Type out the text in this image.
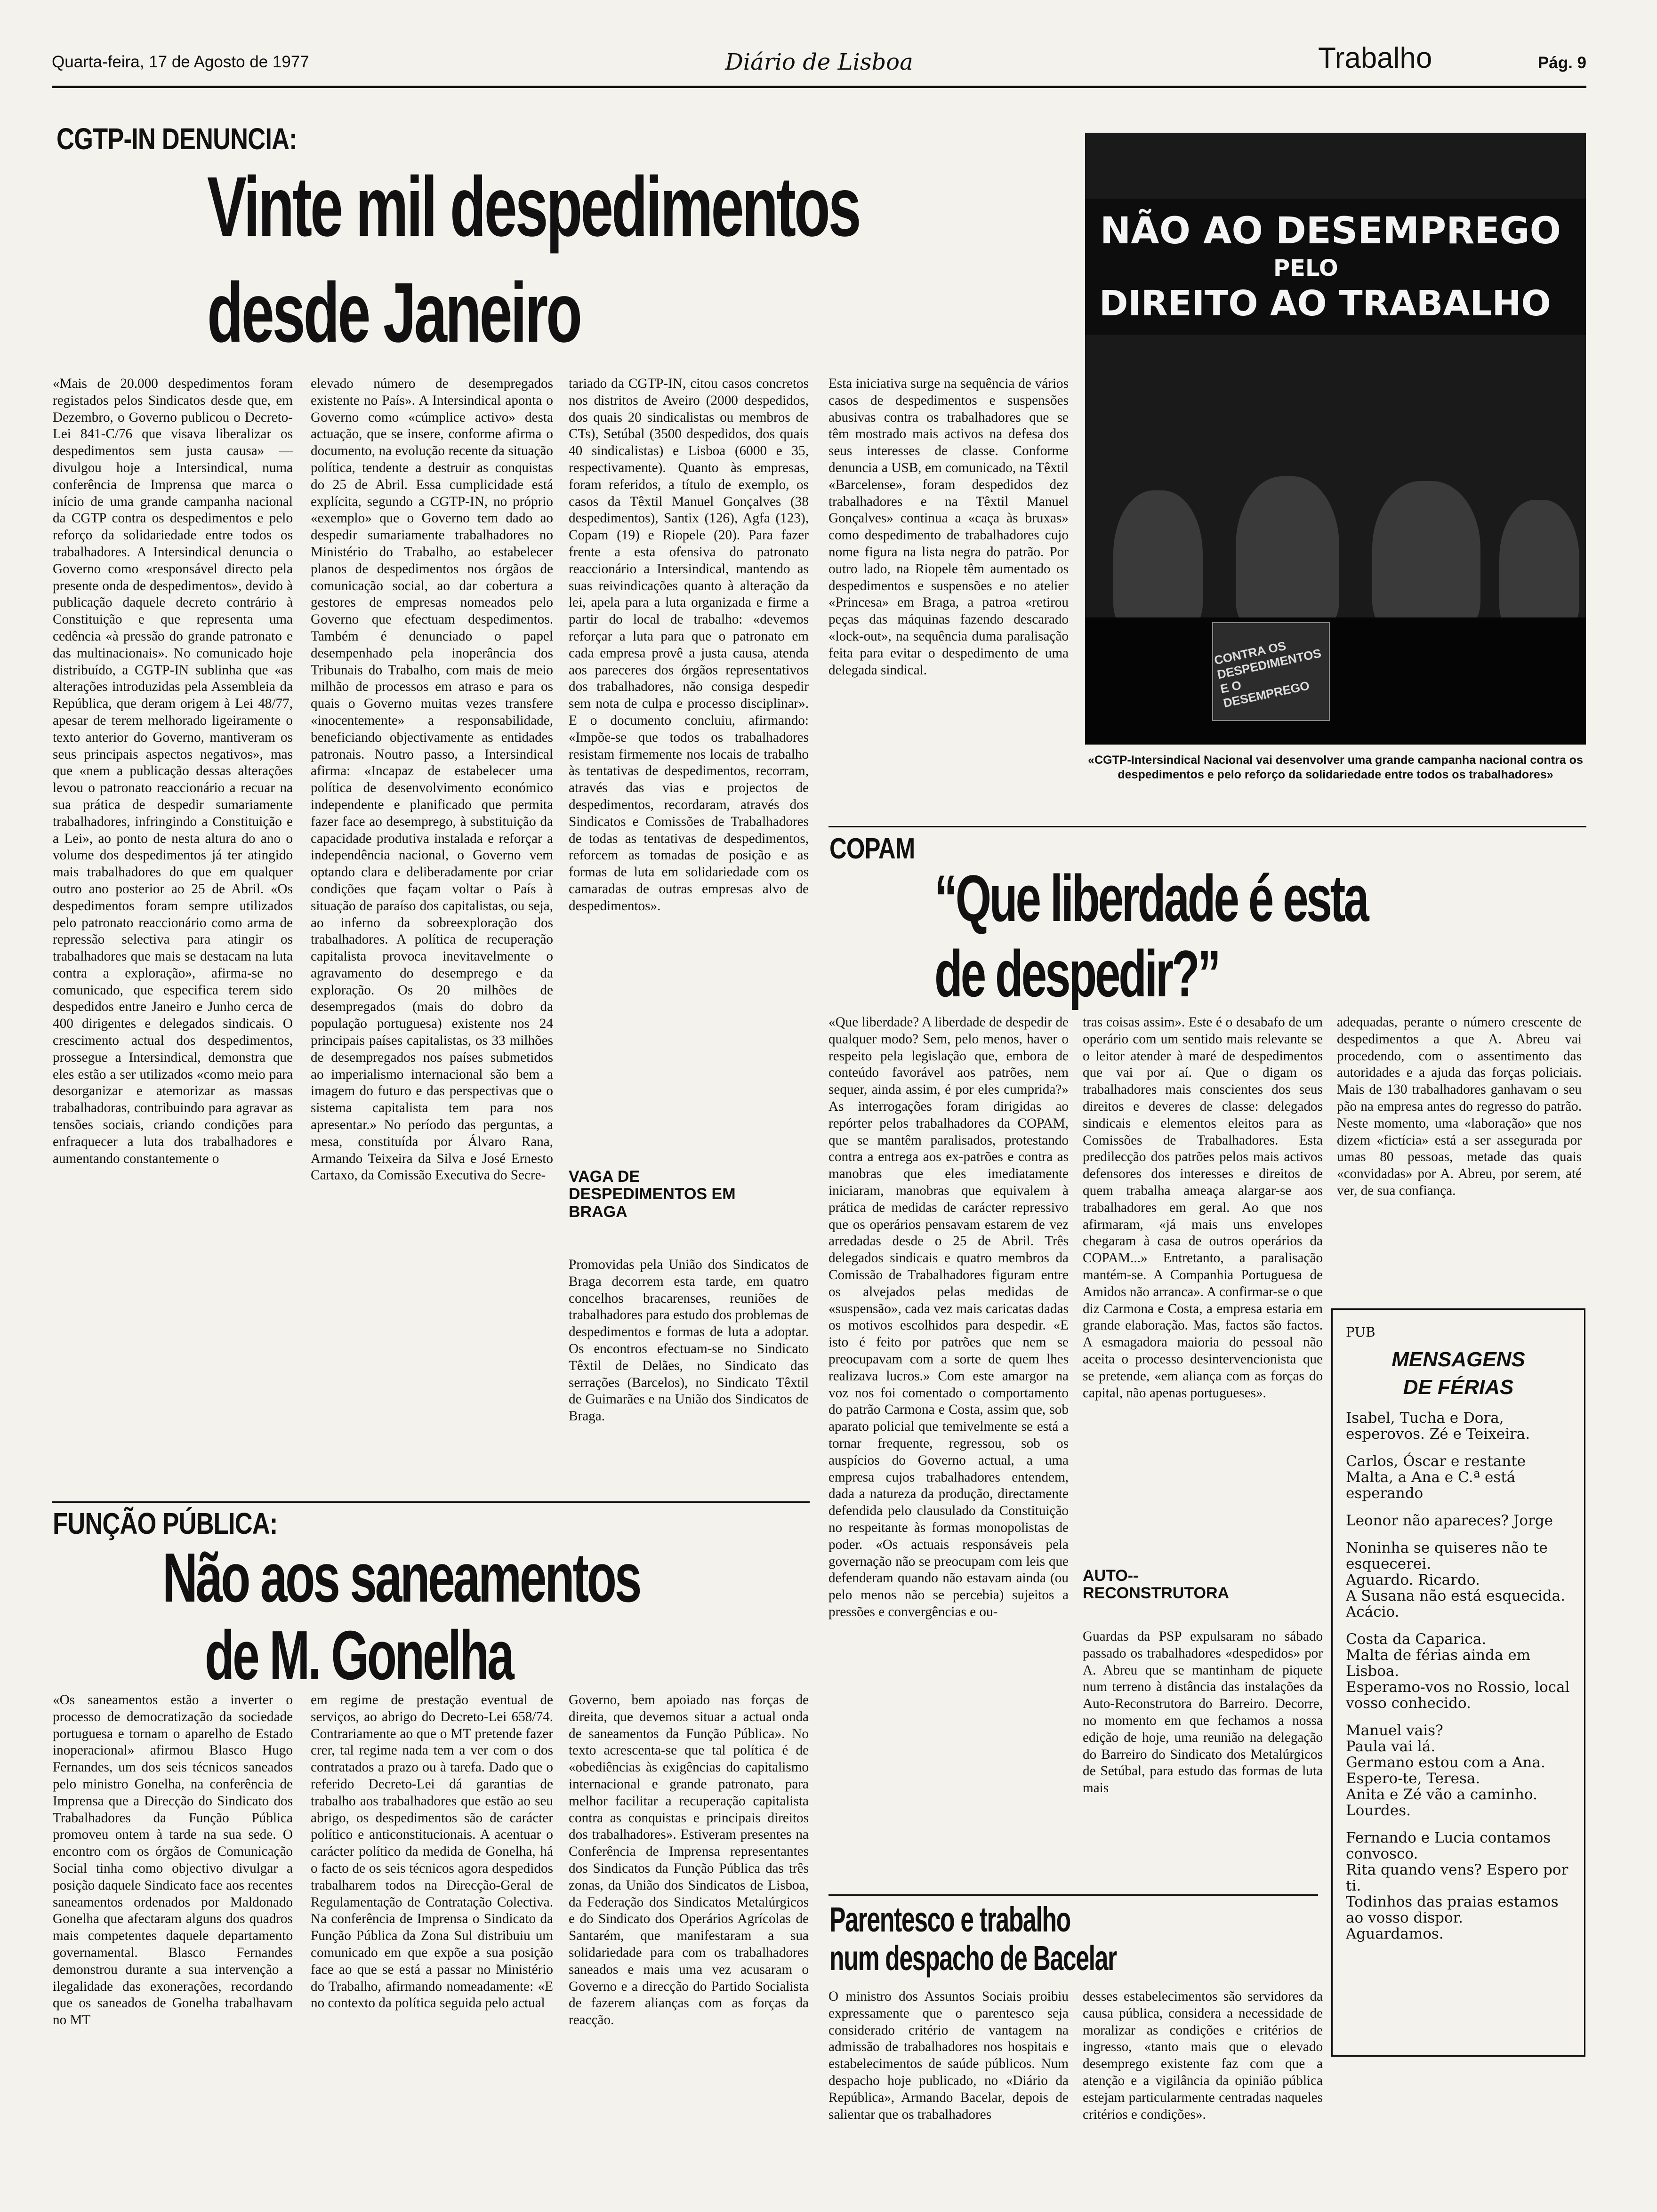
Quarta-feira, 17 de Agosto de 1977	Diário de Lisboa	Trabalho	Pág. 9
CGTP-IN DENUNCIA:
Vinte mil despedimentos
desde Janeiro
«Mais de 20.000 despedimentos foram registados pelos Sindicatos desde que, em Dezembro, o Governo publicou o Decreto-Lei 841-C/76 que visava liberalizar os despedimentos sem justa causa» — divulgou hoje a Intersindical, numa conferência de Imprensa que marca o início de uma grande campanha nacional da CGTP contra os despedimentos e pelo reforço da solidariedade entre todos os trabalhadores. A Intersindical denuncia o Governo como «responsável directo pela presente onda de despedimentos», devido à publicação daquele decreto contrário à Constituição e que representa uma cedência «à pressão do grande patronato e das multinacionais». No comunicado hoje distribuído, a CGTP-IN sublinha que «as alterações introduzidas pela Assembleia da República, que deram origem à Lei 48/77, apesar de terem melhorado ligeiramente o texto anterior do Governo, mantiveram os seus principais aspectos negativos», mas que «nem a publicação dessas alterações levou o patronato reaccionário a recuar na sua prática de despedir sumariamente trabalhadores, infringindo a Constituição e a Lei», ao ponto de nesta altura do ano o volume dos despedimentos já ter atingido mais trabalhadores do que em qualquer outro ano posterior ao 25 de Abril. «Os despedimentos foram sempre utilizados pelo patronato reaccionário como arma de repressão selectiva para atingir os trabalhadores que mais se destacam na luta contra a exploração», afirma-se no comunicado, que especifica terem sido despedidos entre Janeiro e Junho cerca de 400 dirigentes e delegados sindicais. O crescimento actual dos despedimentos, prossegue a Intersindical, demonstra que eles estão a ser utilizados «como meio para desorganizar e atemorizar as massas trabalhadoras, contribuindo para agravar as tensões sociais, criando condições para enfraquecer a luta dos trabalhadores e aumentando constantemente o
elevado número de desempregados existente no País». A Intersindical aponta o Governo como «cúmplice activo» desta actuação, que se insere, conforme afirma o documento, na evolução recente da situação política, tendente a destruir as conquistas do 25 de Abril. Essa cumplicidade está explícita, segundo a CGTP-IN, no próprio «exemplo» que o Governo tem dado ao despedir sumariamente trabalhadores no Ministério do Trabalho, ao estabelecer planos de despedimentos nos órgãos de comunicação social, ao dar cobertura a gestores de empresas nomeados pelo Governo que efectuam despedimentos. Também é denunciado o papel desempenhado pela inoperância dos Tribunais do Trabalho, com mais de meio milhão de processos em atraso e para os quais o Governo muitas vezes transfere «inocentemente» a responsabilidade, beneficiando objectivamente as entidades patronais. Noutro passo, a Intersindical afirma: «Incapaz de estabelecer uma política de desenvolvimento económico independente e planificado que permita fazer face ao desemprego, à substituição da capacidade produtiva instalada e reforçar a independência nacional, o Governo vem optando clara e deliberadamente por criar condições que façam voltar o País à situação de paraíso dos capitalistas, ou seja, ao inferno da sobreexploração dos trabalhadores. A política de recuperação capitalista provoca inevitavelmente o agravamento do desemprego e da exploração. Os 20 milhões de desempregados (mais do dobro da população portuguesa) existente nos 24 principais países capitalistas, os 33 milhões de desempregados nos países submetidos ao imperialismo internacional são bem a imagem do futuro e das perspectivas que o sistema capitalista tem para nos apresentar.» No período das perguntas, a mesa, constituída por Álvaro Rana, Armando Teixeira da Silva e José Ernesto Cartaxo, da Comissão Executiva do Secre-
tariado da CGTP-IN, citou casos concretos nos distritos de Aveiro (2000 despedidos, dos quais 20 sindicalistas ou membros de CTs), Setúbal (3500 despedidos, dos quais 40 sindicalistas) e Lisboa (6000 e 35, respectivamente). Quanto às empresas, foram referidos, a título de exemplo, os casos da Têxtil Manuel Gonçalves (38 despedimentos), Santix (126), Agfa (123), Copam (19) e Riopele (20). Para fazer frente a esta ofensiva do patronato reaccionário a Intersindical, mantendo as suas reivindicações quanto à alteração da lei, apela para a luta organizada e firme a partir do local de trabalho: «devemos reforçar a luta para que o patronato em cada empresa provê a justa causa, atenda aos pareceres dos órgãos representativos dos trabalhadores, não consiga despedir sem nota de culpa e processo disciplinar». E o documento concluiu, afirmando: «Impõe-se que todos os trabalhadores resistam firmemente nos locais de trabalho às tentativas de despedimentos, recorram, através das vias e projectos de despedimentos, recordaram, através dos Sindicatos e Comissões de Trabalhadores de todas as tentativas de despedimentos, reforcem as tomadas de posição e as formas de luta em solidariedade com os camaradas de outras empresas alvo de despedimentos».
VAGA DE DESPEDIMENTOS EM BRAGA
Promovidas pela União dos Sindicatos de Braga decorrem esta tarde, em quatro concelhos bracarenses, reuniões de trabalhadores para estudo dos problemas de despedimentos e formas de luta a adoptar. Os encontros efectuam-se no Sindicato Têxtil de Delães, no Sindicato das serrações (Barcelos), no Sindicato Têxtil de Guimarães e na União dos Sindicatos de Braga.
Esta iniciativa surge na sequência de vários casos de despedimentos e suspensões abusivas contra os trabalhadores que se têm mostrado mais activos na defesa dos seus interesses de classe. Conforme denuncia a USB, em comunicado, na Têxtil «Barcelense», foram despedidos dez trabalhadores e na Têxtil Manuel Gonçalves» continua a «caça às bruxas» como despedimento de trabalhadores cujo nome figura na lista negra do patrão. Por outro lado, na Riopele têm aumentado os despedimentos e suspensões e no atelier «Princesa» em Braga, a patroa «retirou peças das máquinas fazendo descarado «lock-out», na sequência duma paralisação feita para evitar o despedimento de uma delegada sindical.
NÃO AO DESEMPREGO
PELO
DIREITO AO TRABALHO
CONTRA OS DESPEDIMENTOS E O DESEMPREGO
«CGTP-Intersindical Nacional vai desenvolver uma grande campanha nacional contra os despedimentos e pelo reforço da solidariedade entre todos os trabalhadores»
COPAM
“Que liberdade é esta
de despedir?”
«Que liberdade? A liberdade de despedir de qualquer modo? Sem, pelo menos, haver o respeito pela legislação que, embora de conteúdo favorável aos patrões, nem sequer, ainda assim, é por eles cumprida?» As interrogações foram dirigidas ao repórter pelos trabalhadores da COPAM, que se mantêm paralisados, protestando contra a entrega aos ex-patrões e contra as manobras que eles imediatamente iniciaram, manobras que equivalem à prática de medidas de carácter repressivo que os operários pensavam estarem de vez arredadas desde o 25 de Abril. Três delegados sindicais e quatro membros da Comissão de Trabalhadores figuram entre os alvejados pelas medidas de «suspensão», cada vez mais caricatas dadas os motivos escolhidos para despedir. «E isto é feito por patrões que nem se preocupavam com a sorte de quem lhes realizava lucros.» Com este amargor na voz nos foi comentado o comportamento do patrão Carmona e Costa, assim que, sob aparato policial que temivelmente se está a tornar frequente, regressou, sob os auspícios do Governo actual, a uma empresa cujos trabalhadores entendem, dada a natureza da produção, directamente defendida pelo clausulado da Constituição no respeitante às formas monopolistas de poder. «Os actuais responsáveis pela governação não se preocupam com leis que defenderam quando não estavam ainda (ou pelo menos não se percebia) sujeitos a pressões e convergências e ou-
tras coisas assim». Este é o desabafo de um operário com um sentido mais relevante se o leitor atender à maré de despedimentos que vai por aí. Que o digam os trabalhadores mais conscientes dos seus direitos e deveres de classe: delegados sindicais e elementos eleitos para as Comissões de Trabalhadores. Esta predilecção dos patrões pelos mais activos defensores dos interesses e direitos de quem trabalha ameaça alargar-se aos trabalhadores em geral. Ao que nos afirmaram, «já mais uns envelopes chegaram à casa de outros operários da COPAM...» Entretanto, a paralisação mantém-se. A Companhia Portuguesa de Amidos não arranca». A confirmar-se o que diz Carmona e Costa, a empresa estaria em grande elaboração. Mas, factos são factos. A esmagadora maioria do pessoal não aceita o processo desintervencionista que se pretende, «em aliança com as forças do capital, não apenas portugueses».
AUTO--RECONSTRUTORA
Guardas da PSP expulsaram no sábado passado os trabalhadores «despedidos» por A. Abreu que se mantinham de piquete num terreno à distância das instalações da Auto-Reconstrutora do Barreiro. Decorre, no momento em que fechamos a nossa edição de hoje, uma reunião na delegação do Barreiro do Sindicato dos Metalúrgicos de Setúbal, para estudo das formas de luta mais
adequadas, perante o número crescente de despedimentos a que A. Abreu vai procedendo, com o assentimento das autoridades e a ajuda das forças policiais. Mais de 130 trabalhadores ganhavam o seu pão na empresa antes do regresso do patrão. Neste momento, uma «laboração» que nos dizem «fictícia» está a ser assegurada por umas 80 pessoas, metade das quais «convidadas» por A. Abreu, por serem, até ver, de sua confiança.
PUB
MENSAGENS
DE FÉRIAS
Isabel, Tucha e Dora, esperovos. Zé e Teixeira.
Carlos, Óscar e restante Malta, a Ana e C.ª está esperando
Leonor não apareces? Jorge
Noninha se quiseres não te esquecerei.
Aguardo. Ricardo.
A Susana não está esquecida. Acácio.
Costa da Caparica.
Malta de férias ainda em Lisboa.
Esperamo-vos no Rossio, local vosso conhecido.
Manuel vais?
Paula vai lá.
Germano estou com a Ana.
Espero-te, Teresa.
Anita e Zé vão a caminho.
Lourdes.
Fernando e Lucia contamos convosco.
Rita quando vens? Espero por ti.
Todinhos das praias estamos ao vosso dispor.
Aguardamos.
FUNÇÃO PÚBLICA:
Não aos saneamentos
de M. Gonelha
«Os saneamentos estão a inverter o processo de democratização da sociedade portuguesa e tornam o aparelho de Estado inoperacional» afirmou Blasco Hugo Fernandes, um dos seis técnicos saneados pelo ministro Gonelha, na conferência de Imprensa que a Direcção do Sindicato dos Trabalhadores da Função Pública promoveu ontem à tarde na sua sede. O encontro com os órgãos de Comunicação Social tinha como objectivo divulgar a posição daquele Sindicato face aos recentes saneamentos ordenados por Maldonado Gonelha que afectaram alguns dos quadros mais competentes daquele departamento governamental. Blasco Fernandes demonstrou durante a sua intervenção a ilegalidade das exonerações, recordando que os saneados de Gonelha trabalhavam no MT
em regime de prestação eventual de serviços, ao abrigo do Decreto-Lei 658/74. Contrariamente ao que o MT pretende fazer crer, tal regime nada tem a ver com o dos contratados a prazo ou à tarefa. Dado que o referido Decreto-Lei dá garantias de trabalho aos trabalhadores que estão ao seu abrigo, os despedimentos são de carácter político e anticonstitucionais. A acentuar o carácter político da medida de Gonelha, há o facto de os seis técnicos agora despedidos trabalharem todos na Direcção-Geral de Regulamentação de Contratação Colectiva. Na conferência de Imprensa o Sindicato da Função Pública da Zona Sul distribuiu um comunicado em que expõe a sua posição face ao que se está a passar no Ministério do Trabalho, afirmando nomeadamente: «E no contexto da política seguida pelo actual
Governo, bem apoiado nas forças de direita, que devemos situar a actual onda de saneamentos da Função Pública». No texto acrescenta-se que tal política é de «obediências às exigências do capitalismo internacional e grande patronato, para melhor facilitar a recuperação capitalista contra as conquistas e principais direitos dos trabalhadores». Estiveram presentes na Conferência de Imprensa representantes dos Sindicatos da Função Pública das três zonas, da União dos Sindicatos de Lisboa, da Federação dos Sindicatos Metalúrgicos e do Sindicato dos Operários Agrícolas de Santarém, que manifestaram a sua solidariedade para com os trabalhadores saneados e mais uma vez acusaram o Governo e a direcção do Partido Socialista de fazerem alianças com as forças da reacção.
Parentesco e trabalho
num despacho de Bacelar
O ministro dos Assuntos Sociais proibiu expressamente que o parentesco seja considerado critério de vantagem na admissão de trabalhadores nos hospitais e estabelecimentos de saúde públicos. Num despacho hoje publicado, no «Diário da República», Armando Bacelar, depois de salientar que os trabalhadores
desses estabelecimentos são servidores da causa pública, considera a necessidade de moralizar as condições e critérios de ingresso, «tanto mais que o elevado desemprego existente faz com que a atenção e a vigilância da opinião pública estejam particularmente centradas naqueles critérios e condições».
